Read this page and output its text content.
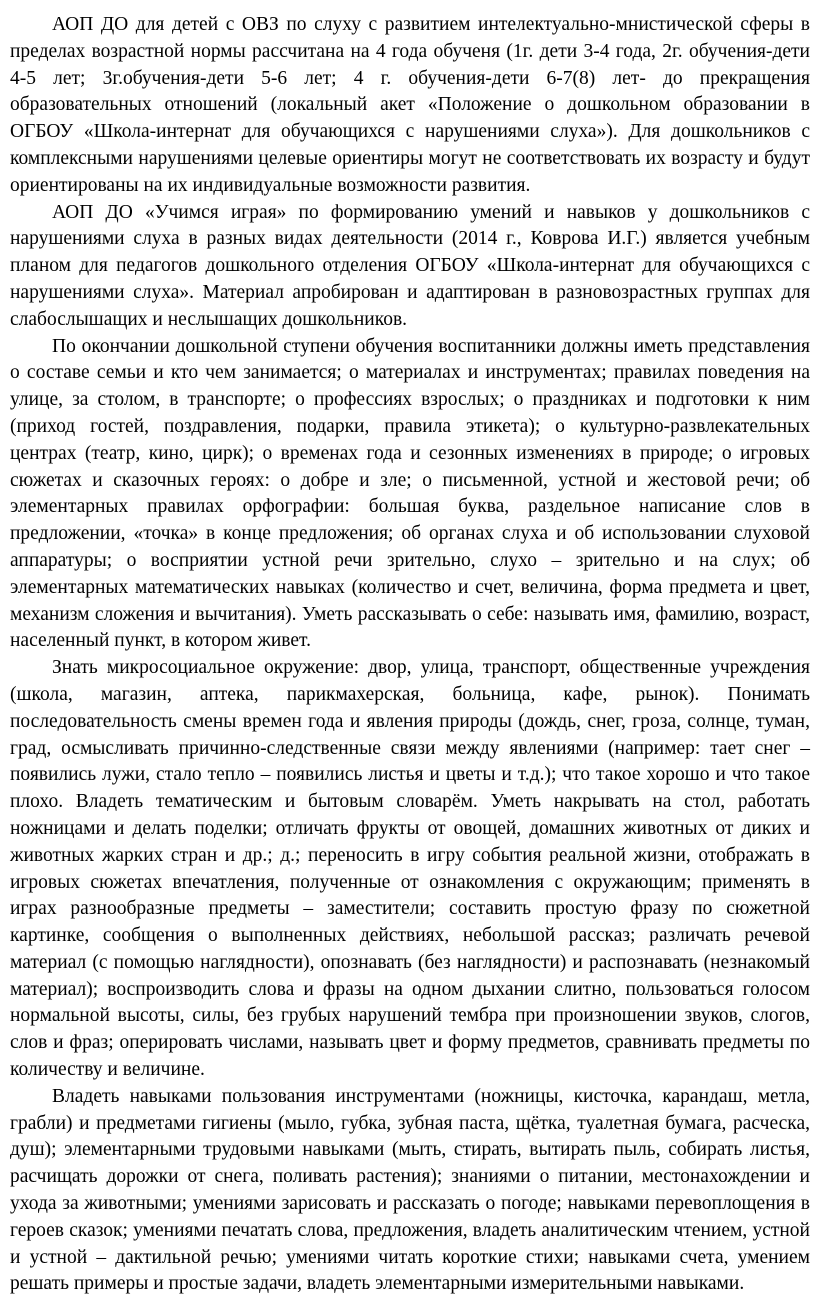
АОП ДО для детей с ОВЗ по слуху с развитием интелектуально-мнистической сферы в пределах возрастной нормы рассчитана на 4 года обученя (1г. дети 3-4 года, 2г. обучения-дети 4-5 лет; 3г.обучения-дети 5-6 лет; 4 г. обучения-дети 6-7(8) лет- до прекращения образовательных отношений (локальный акет «Положение о дошкольном образовании в ОГБОУ «Школа-интернат для обучающихся с нарушениями слуха»). Для дошкольников с комплексными нарушениями целевые ориентиры могут не соответствовать их возрасту и будут ориентированы на их индивидуальные возможности развития.

АОП ДО «Учимся играя» по формированию умений и навыков у дошкольников с нарушениями слуха в разных видах деятельности (2014 г., Коврова И.Г.) является учебным планом для педагогов дошкольного отделения ОГБОУ «Школа-интернат для обучающихся с нарушениями слуха». Материал апробирован и адаптирован в разновозрастных группах для слабослышащих и неслышащих дошкольников.

По окончании дошкольной ступени обучения воспитанники должны иметь представления о составе семьи и кто чем занимается; о материалах и инструментах; правилах поведения на улице, за столом, в транспорте; о профессиях взрослых; о праздниках и подготовки к ним (приход гостей, поздравления, подарки, правила этикета); о культурно-развлекательных центрах (театр, кино, цирк); о временах года и сезонных изменениях в природе; о игровых сюжетах и сказочных героях: о добре и зле; о письменной, устной и жестовой речи; об элементарных правилах орфографии: большая буква, раздельное написание слов в предложении, «точка» в конце предложения; об органах слуха и об использовании слуховой аппаратуры; о восприятии устной речи зрительно, слухо – зрительно и на слух; об элементарных математических навыках (количество и счет, величина, форма предмета и цвет, механизм сложения и вычитания). Уметь рассказывать о себе: называть имя, фамилию, возраст, населенный пункт, в котором живет.

Знать микросоциальное окружение: двор, улица, транспорт, общественные учреждения (школа, магазин, аптека, парикмахерская, больница, кафе, рынок). Понимать последовательность смены времен года и явления природы (дождь, снег, гроза, солнце, туман, град, осмысливать причинно-следственные связи между явлениями (например: тает снег – появились лужи, стало тепло – появились листья и цветы и т.д.); что такое хорошо и что такое плохо. Владеть тематическим и бытовым словарём. Уметь накрывать на стол, работать ножницами и делать поделки; отличать фрукты от овощей, домашних животных от диких и животных жарких стран и др.; д.; переносить в игру события реальной жизни, отображать в игровых сюжетах впечатления, полученные от ознакомления с окружающим; применять в играх разнообразные предметы – заместители; составить простую фразу по сюжетной картинке, сообщения о выполненных действиях, небольшой рассказ; различать речевой материал (с помощью наглядности), опознавать (без наглядности) и распознавать (незнакомый материал); воспроизводить слова и фразы на одном дыхании слитно, пользоваться голосом нормальной высоты, силы, без грубых нарушений тембра при произношении звуков, слогов, слов и фраз; оперировать числами, называть цвет и форму предметов, сравнивать предметы по количеству и величине.

Владеть навыками пользования инструментами (ножницы, кисточка, карандаш, метла, грабли) и предметами гигиены (мыло, губка, зубная паста, щётка, туалетная бумага, расческа, душ); элементарными трудовыми навыками (мыть, стирать, вытирать пыль, собирать листья, расчищать дорожки от снега, поливать растения); знаниями о питании, местонахождении и ухода за животными; умениями зарисовать и рассказать о погоде; навыками перевоплощения в героев сказок; умениями печатать слова, предложения, владеть аналитическим чтением, устной и устной – дактильной речью; умениями читать короткие стихи; навыками счета, умением решать примеры и простые задачи, владеть элементарными измерительными навыками.
